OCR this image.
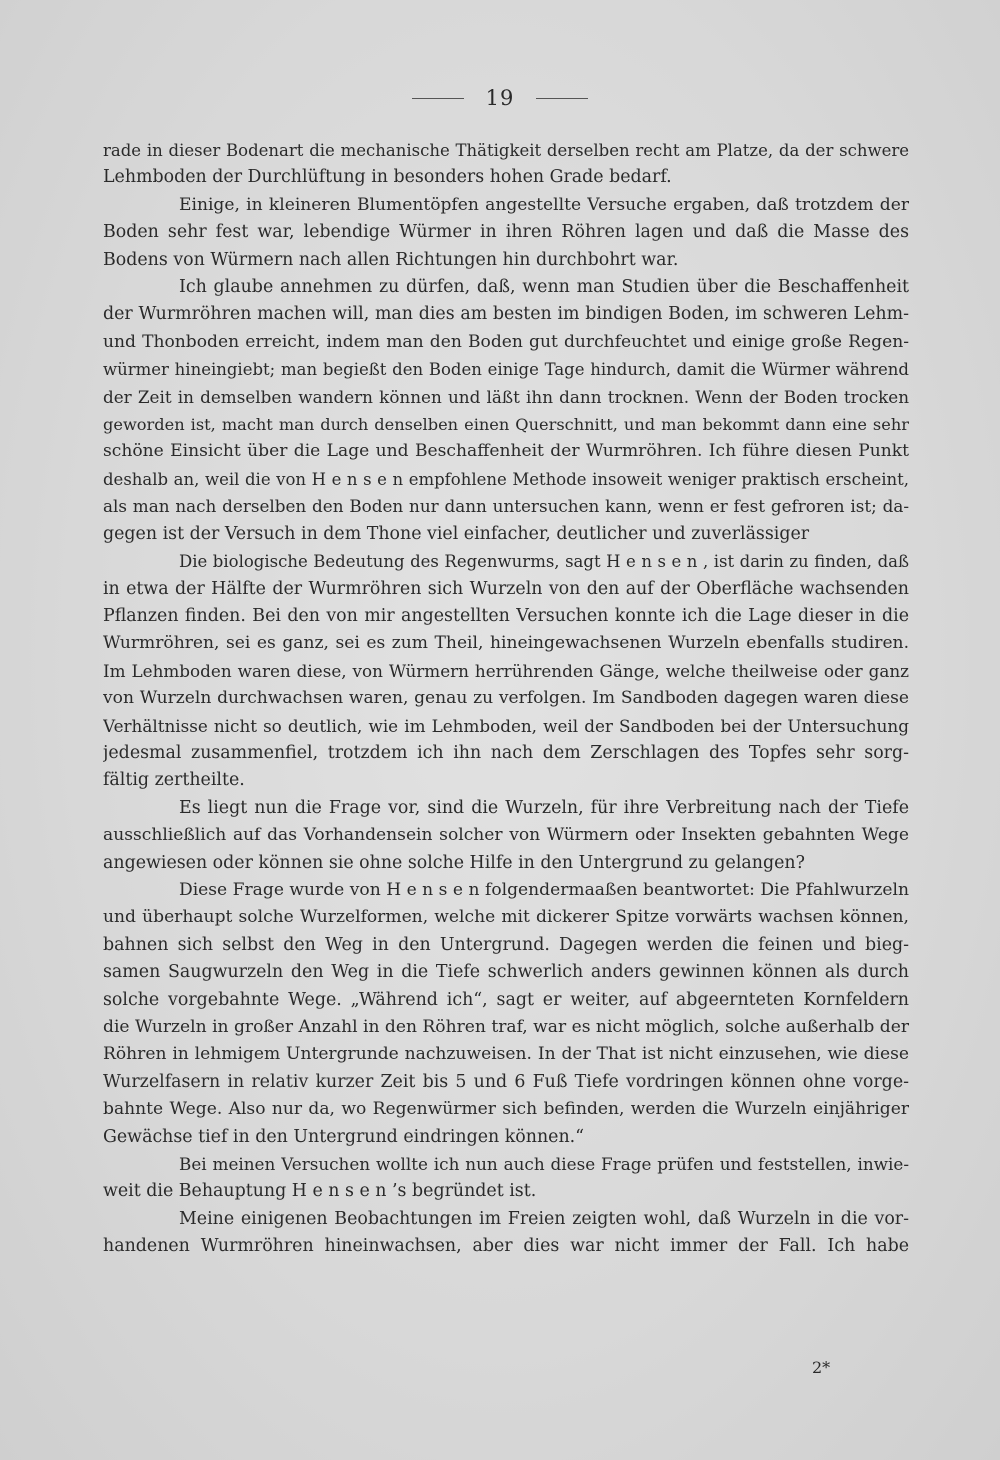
19
rade in dieser Bodenart die mechanische Thätigkeit derselben recht am Platze, da der schwere
Lehmboden der Durchlüftung in besonders hohen Grade bedarf.
Einige, in kleineren Blumentöpfen angestellte Versuche ergaben, daß trotzdem der
Boden sehr fest war, lebendige Würmer in ihren Röhren lagen und daß die Masse des
Bodens von Würmern nach allen Richtungen hin durchbohrt war.
Ich glaube annehmen zu dürfen, daß, wenn man Studien über die Beschaffenheit
der Wurmröhren machen will, man dies am besten im bindigen Boden, im schweren Lehm-
und Thonboden erreicht, indem man den Boden gut durchfeuchtet und einige große Regen-
würmer hineingiebt; man begießt den Boden einige Tage hindurch, damit die Würmer während
der Zeit in demselben wandern können und läßt ihn dann trocknen. Wenn der Boden trocken
geworden ist, macht man durch denselben einen Querschnitt, und man bekommt dann eine sehr
schöne Einsicht über die Lage und Beschaffenheit der Wurmröhren. Ich führe diesen Punkt
deshalb an, weil die von H e n s e n empfohlene Methode insoweit weniger praktisch erscheint,
als man nach derselben den Boden nur dann untersuchen kann, wenn er fest gefroren ist; da-
gegen ist der Versuch in dem Thone viel einfacher, deutlicher und zuverlässiger
Die biologische Bedeutung des Regenwurms, sagt H e n s e n , ist darin zu finden, daß
in etwa der Hälfte der Wurmröhren sich Wurzeln von den auf der Oberfläche wachsenden
Pflanzen finden. Bei den von mir angestellten Versuchen konnte ich die Lage dieser in die
Wurmröhren, sei es ganz, sei es zum Theil, hineingewachsenen Wurzeln ebenfalls studiren.
Im Lehmboden waren diese, von Würmern herrührenden Gänge, welche theilweise oder ganz
von Wurzeln durchwachsen waren, genau zu verfolgen. Im Sandboden dagegen waren diese
Verhältnisse nicht so deutlich, wie im Lehmboden, weil der Sandboden bei der Untersuchung
jedesmal zusammenfiel, trotzdem ich ihn nach dem Zerschlagen des Topfes sehr sorg-
fältig zertheilte.
Es liegt nun die Frage vor, sind die Wurzeln, für ihre Verbreitung nach der Tiefe
ausschließlich auf das Vorhandensein solcher von Würmern oder Insekten gebahnten Wege
angewiesen oder können sie ohne solche Hilfe in den Untergrund zu gelangen?
Diese Frage wurde von H e n s e n folgendermaaßen beantwortet: Die Pfahlwurzeln
und überhaupt solche Wurzelformen, welche mit dickerer Spitze vorwärts wachsen können,
bahnen sich selbst den Weg in den Untergrund. Dagegen werden die feinen und bieg-
samen Saugwurzeln den Weg in die Tiefe schwerlich anders gewinnen können als durch
solche vorgebahnte Wege. „Während ich“, sagt er weiter, auf abgeernteten Kornfeldern
die Wurzeln in großer Anzahl in den Röhren traf, war es nicht möglich, solche außerhalb der
Röhren in lehmigem Untergrunde nachzuweisen. In der That ist nicht einzusehen, wie diese
Wurzelfasern in relativ kurzer Zeit bis 5 und 6 Fuß Tiefe vordringen können ohne vorge-
bahnte Wege. Also nur da, wo Regenwürmer sich befinden, werden die Wurzeln einjähriger
Gewächse tief in den Untergrund eindringen können.“
Bei meinen Versuchen wollte ich nun auch diese Frage prüfen und feststellen, inwie-
weit die Behauptung H e n s e n ’s begründet ist.
Meine einigenen Beobachtungen im Freien zeigten wohl, daß Wurzeln in die vor-
handenen Wurmröhren hineinwachsen, aber dies war nicht immer der Fall. Ich habe
2*
